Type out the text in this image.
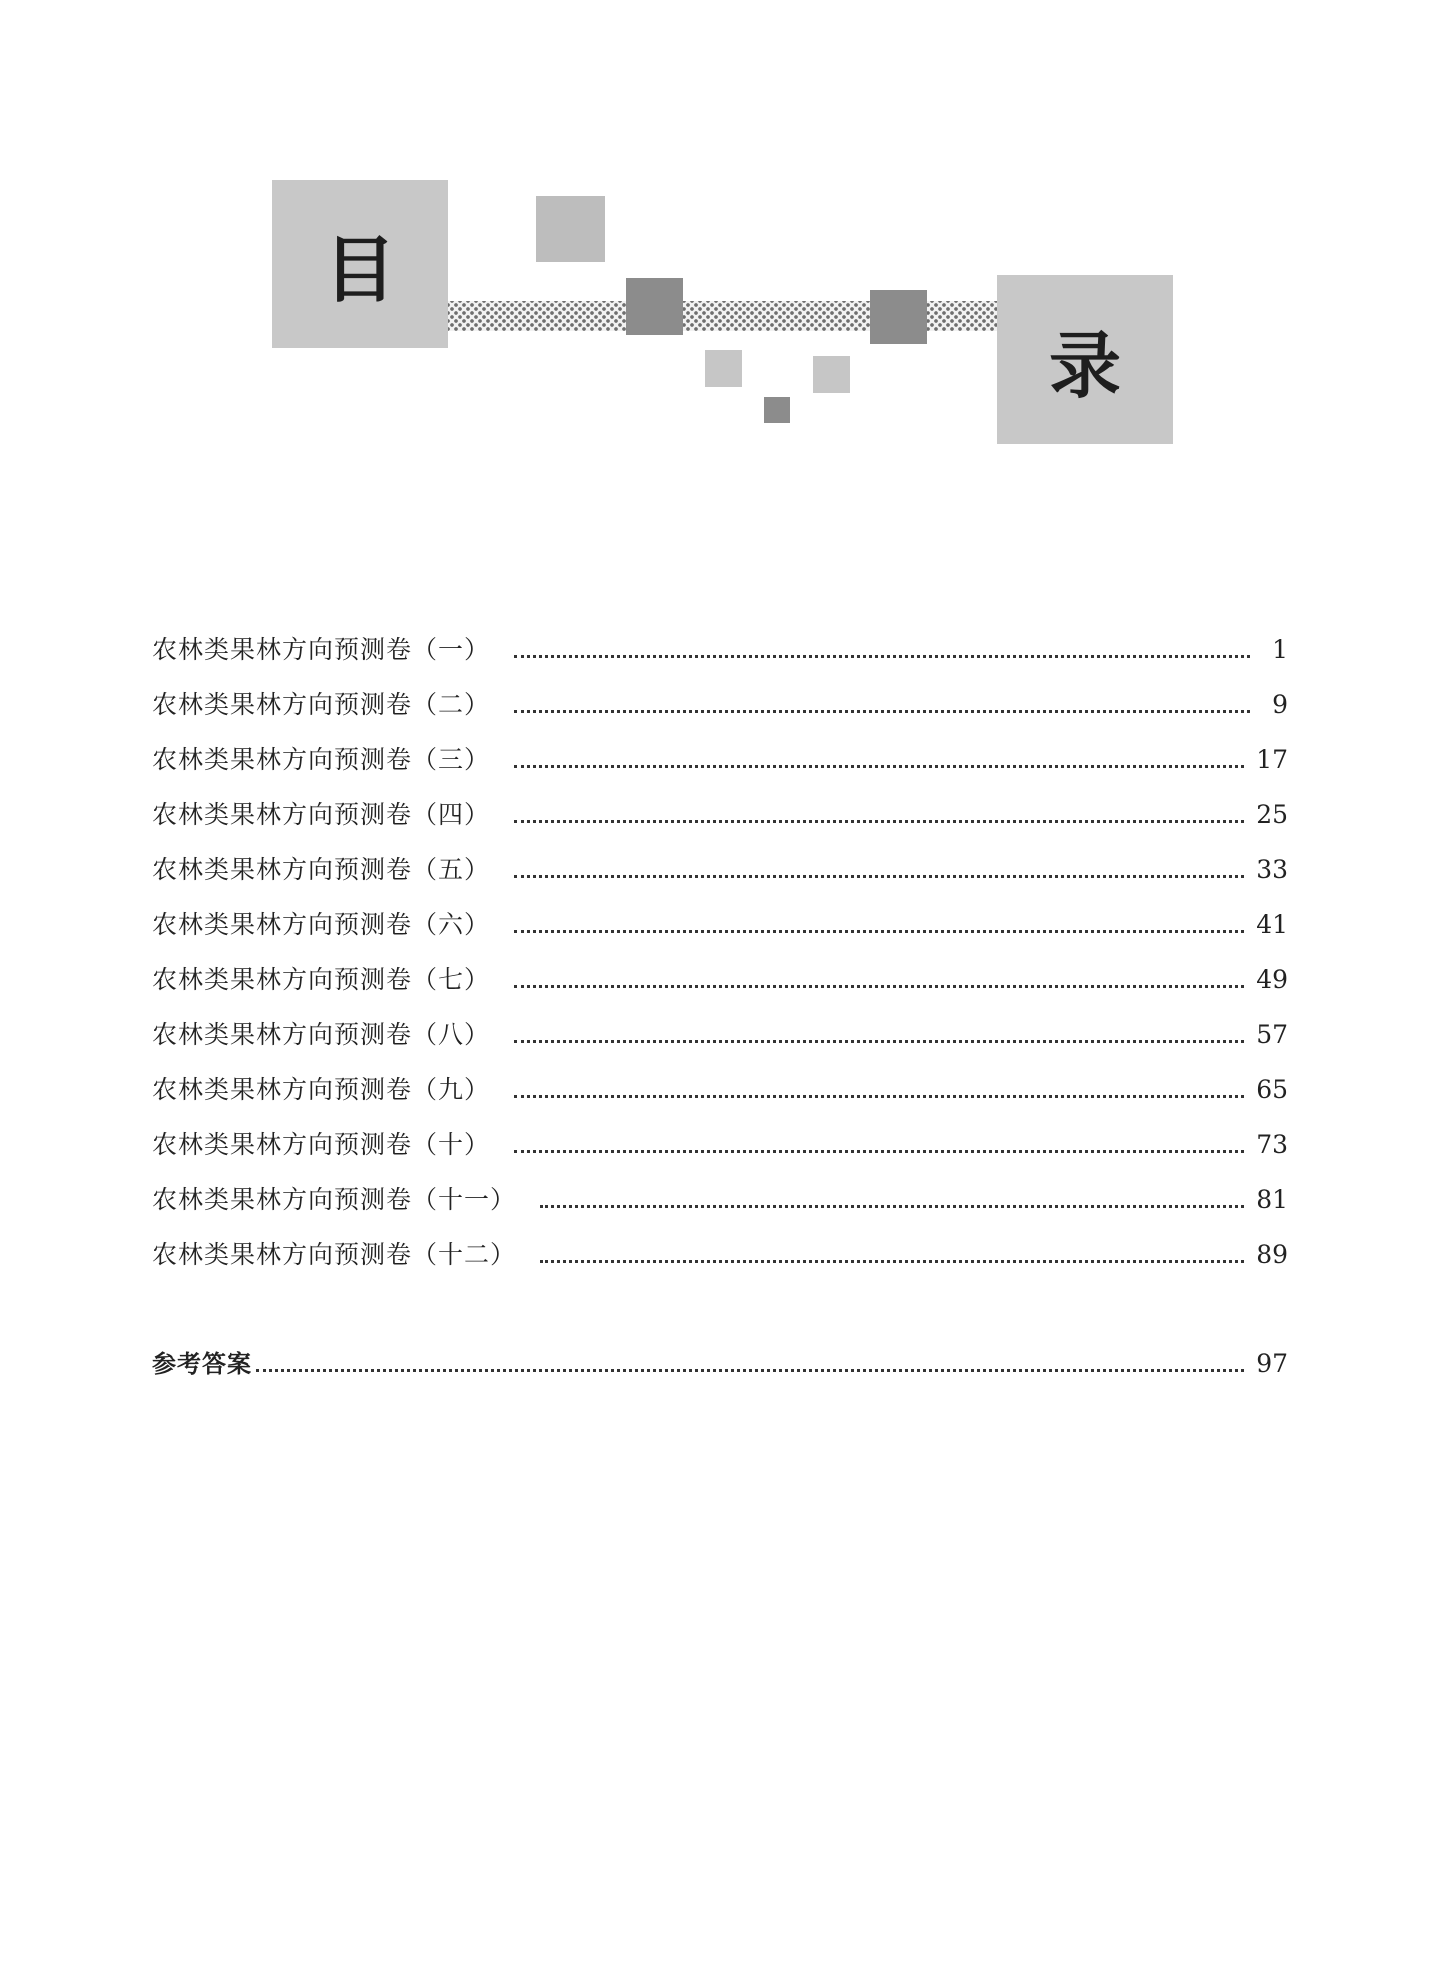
目
录
农林类果林方向预测卷（一）	1
农林类果林方向预测卷（二）	9
农林类果林方向预测卷（三）	17
农林类果林方向预测卷（四）	25
农林类果林方向预测卷（五）	33
农林类果林方向预测卷（六）	41
农林类果林方向预测卷（七）	49
农林类果林方向预测卷（八）	57
农林类果林方向预测卷（九）	65
农林类果林方向预测卷（十）	73
农林类果林方向预测卷（十一）	81
农林类果林方向预测卷（十二）	89
参考答案	97
